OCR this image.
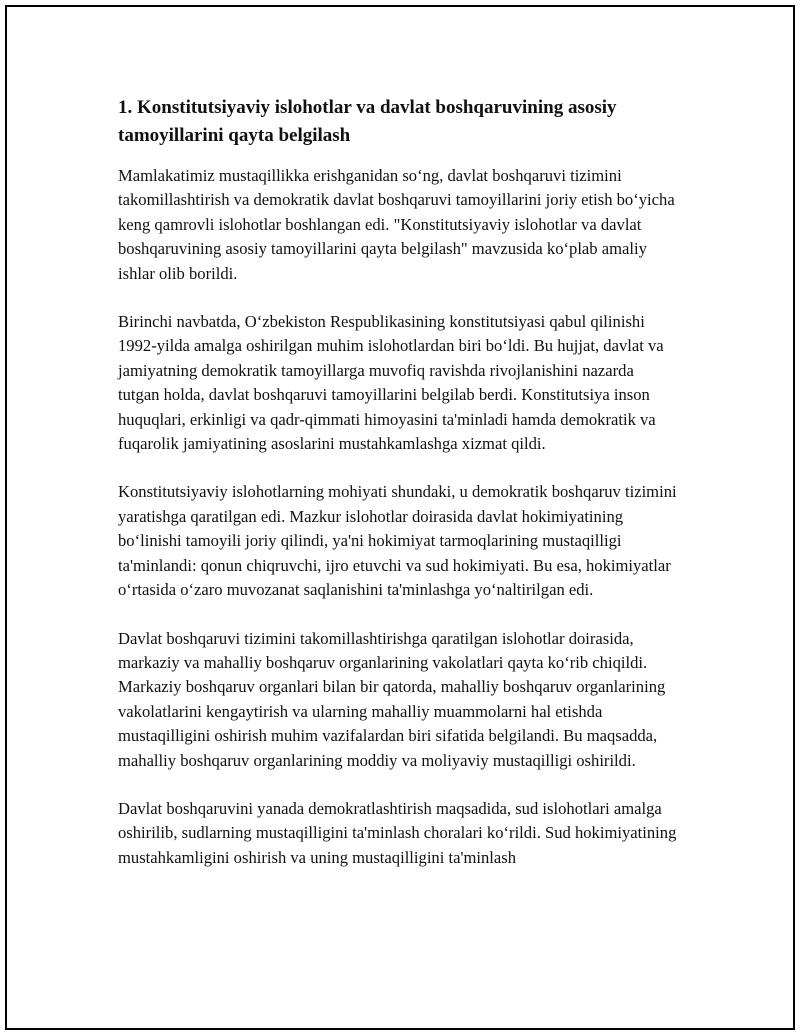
1. Konstitutsiyaviy islohotlar va davlat boshqaruvining asosiy tamoyillarini qayta belgilash

Mamlakatimiz mustaqillikka erishganidan so‘ng, davlat boshqaruvi tizimini takomillashtirish va demokratik davlat boshqaruvi tamoyillarini joriy etish bo‘yicha keng qamrovli islohotlar boshlangan edi. "Konstitutsiyaviy islohotlar va davlat boshqaruvining asosiy tamoyillarini qayta belgilash" mavzusida ko‘plab amaliy ishlar olib borildi.

Birinchi navbatda, O‘zbekiston Respublikasining konstitutsiyasi qabul qilinishi 1992-yilda amalga oshirilgan muhim islohotlardan biri bo‘ldi. Bu hujjat, davlat va jamiyatning demokratik tamoyillarga muvofiq ravishda rivojlanishini nazarda tutgan holda, davlat boshqaruvi tamoyillarini belgilab berdi. Konstitutsiya inson huquqlari, erkinligi va qadr-qimmati himoyasini ta'minladi hamda demokratik va fuqarolik jamiyatining asoslarini mustahkamlashga xizmat qildi.

Konstitutsiyaviy islohotlarning mohiyati shundaki, u demokratik boshqaruv tizimini yaratishga qaratilgan edi. Mazkur islohotlar doirasida davlat hokimiyatining bo‘linishi tamoyili joriy qilindi, ya'ni hokimiyat tarmoqlarining mustaqilligi ta'minlandi: qonun chiqruvchi, ijro etuvchi va sud hokimiyati. Bu esa, hokimiyatlar o‘rtasida o‘zaro muvozanat saqlanishini ta'minlashga yo‘naltirilgan edi.

Davlat boshqaruvi tizimini takomillashtirishga qaratilgan islohotlar doirasida, markaziy va mahalliy boshqaruv organlarining vakolatlari qayta ko‘rib chiqildi. Markaziy boshqaruv organlari bilan bir qatorda, mahalliy boshqaruv organlarining vakolatlarini kengaytirish va ularning mahalliy muammolarni hal etishda mustaqilligini oshirish muhim vazifalardan biri sifatida belgilandi. Bu maqsadda, mahalliy boshqaruv organlarining moddiy va moliyaviy mustaqilligi oshirildi.

Davlat boshqaruvini yanada demokratlashtirish maqsadida, sud islohotlari amalga oshirilib, sudlarning mustaqilligini ta'minlash choralari ko‘rildi. Sud hokimiyatining mustahkamligini oshirish va uning mustaqilligini ta'minlash
